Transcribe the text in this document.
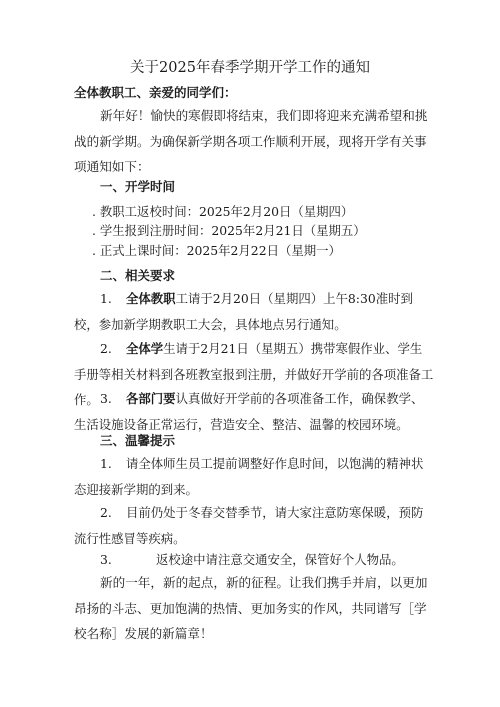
关于2025年春季学期开学工作的通知
全体教职工、亲爱的同学们：

新年好！愉快的寒假即将结束，我们即将迎来充满希望和挑战的新学期。为确保新学期各项工作顺利开展，现将开学有关事项通知如下：

一、开学时间
. 教职工返校时间：2025年2月20日（星期四）
. 学生报到注册时间：2025年2月21日（星期五）
. 正式上课时间：2025年2月22日（星期一）
二、相关要求

1. 全体教职工请于2月20日（星期四）上午8:30准时到校，参加新学期教职工大会，具体地点另行通知。

2. 全体学生请于2月21日（星期五）携带寒假作业、学生手册等相关材料到各班教室报到注册，并做好开学前的各项准备工作。 3. 各部门要认真做好开学前的各项准备工作，确保教学、生活设施设备正常运行，营造安全、整洁、温馨的校园环境。

三、温馨提示

1. 请全体师生员工提前调整好作息时间，以饱满的精神状态迎接新学期的到来。

2. 目前仍处于冬春交替季节，请大家注意防寒保暖，预防流行性感冒等疾病。

3.	返校途中请注意交通安全，保管好个人物品。

新的一年，新的起点，新的征程。让我们携手并肩，以更加昂扬的斗志、更加饱满的热情、更加务实的作风，共同谱写［学校名称］发展的新篇章！
